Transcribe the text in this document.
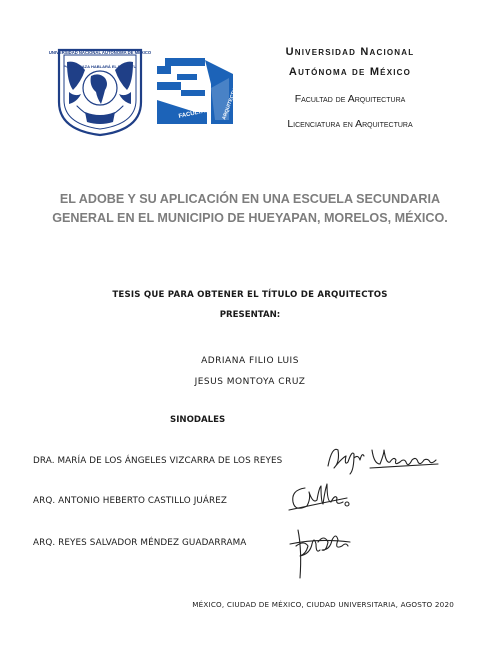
UNIVERSIDAD NACIONAL AUTÓNOMA DE MÉXICO
POR MI RAZA HABLARÁ EL ESPÍRITU
FACULTAD ARQUITECTURA
Universidad Nacional
Autónoma de México
Facultad de Arquitectura
Licenciatura en Arquitectura
EL ADOBE Y SU APLICACIÓN EN UNA ESCUELA SECUNDARIA
GENERAL EN EL MUNICIPIO DE HUEYAPAN, MORELOS, MÉXICO.
TESIS QUE PARA OBTENER EL TÍTULO DE ARQUITECTOS
PRESENTAN:
ADRIANA FILIO LUIS
JESUS MONTOYA CRUZ
SINODALES
DRA. MARÍA DE LOS ÁNGELES VIZCARRA DE LOS REYES
ARQ. ANTONIO HEBERTO CASTILLO JUÁREZ
ARQ. REYES SALVADOR MÉNDEZ GUADARRAMA
MÉXICO, CIUDAD DE MÉXICO, CIUDAD UNIVERSITARIA, AGOSTO 2020
